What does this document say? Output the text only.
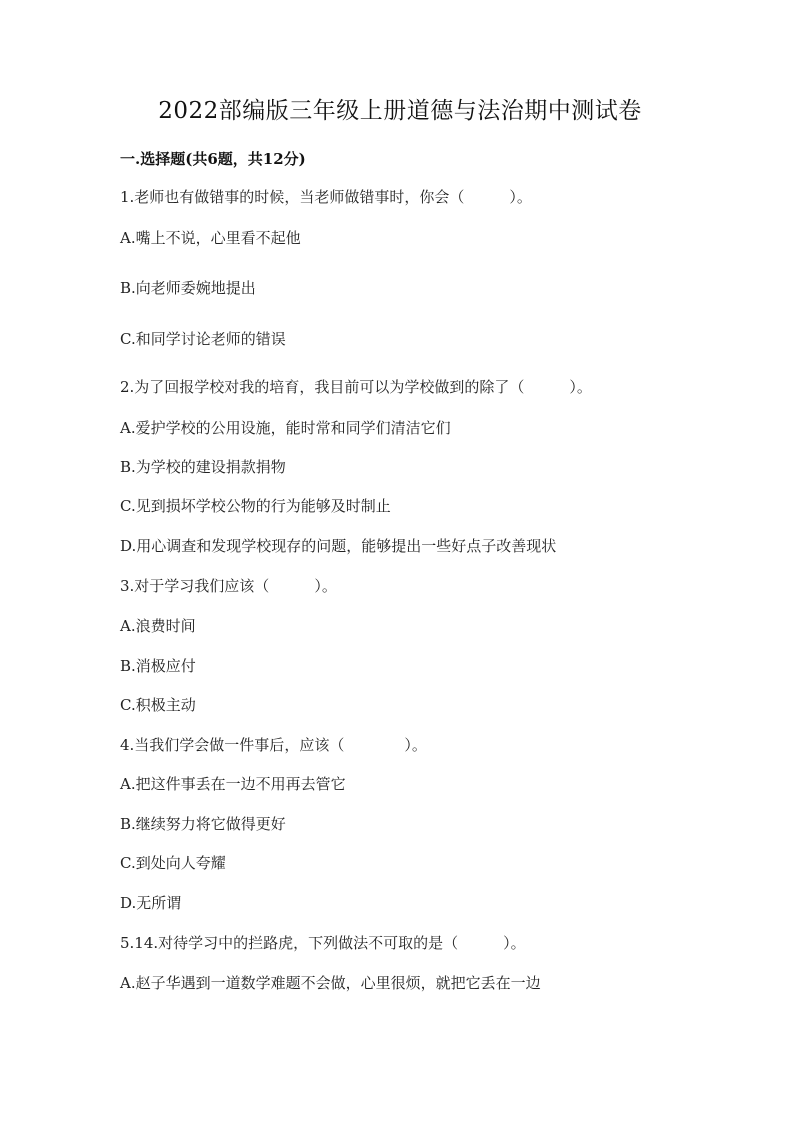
2022部编版三年级上册道德与法治期中测试卷
一.选择题(共6题，共12分)
1.老师也有做错事的时候，当老师做错事时，你会（　　　）。
A.嘴上不说，心里看不起他
B.向老师委婉地提出
C.和同学讨论老师的错误
2.为了回报学校对我的培育，我目前可以为学校做到的除了（　　　）。
A.爱护学校的公用设施，能时常和同学们清洁它们
B.为学校的建设捐款捐物
C.见到损坏学校公物的行为能够及时制止
D.用心调查和发现学校现存的问题，能够提出一些好点子改善现状
3.对于学习我们应该（　　　）。
A.浪费时间
B.消极应付
C.积极主动
4.当我们学会做一件事后，应该（　　　　）。
A.把这件事丢在一边不用再去管它
B.继续努力将它做得更好
C.到处向人夸耀
D.无所谓
5.14.对待学习中的拦路虎，下列做法不可取的是（　　　）。
A.赵子华遇到一道数学难题不会做，心里很烦，就把它丢在一边
